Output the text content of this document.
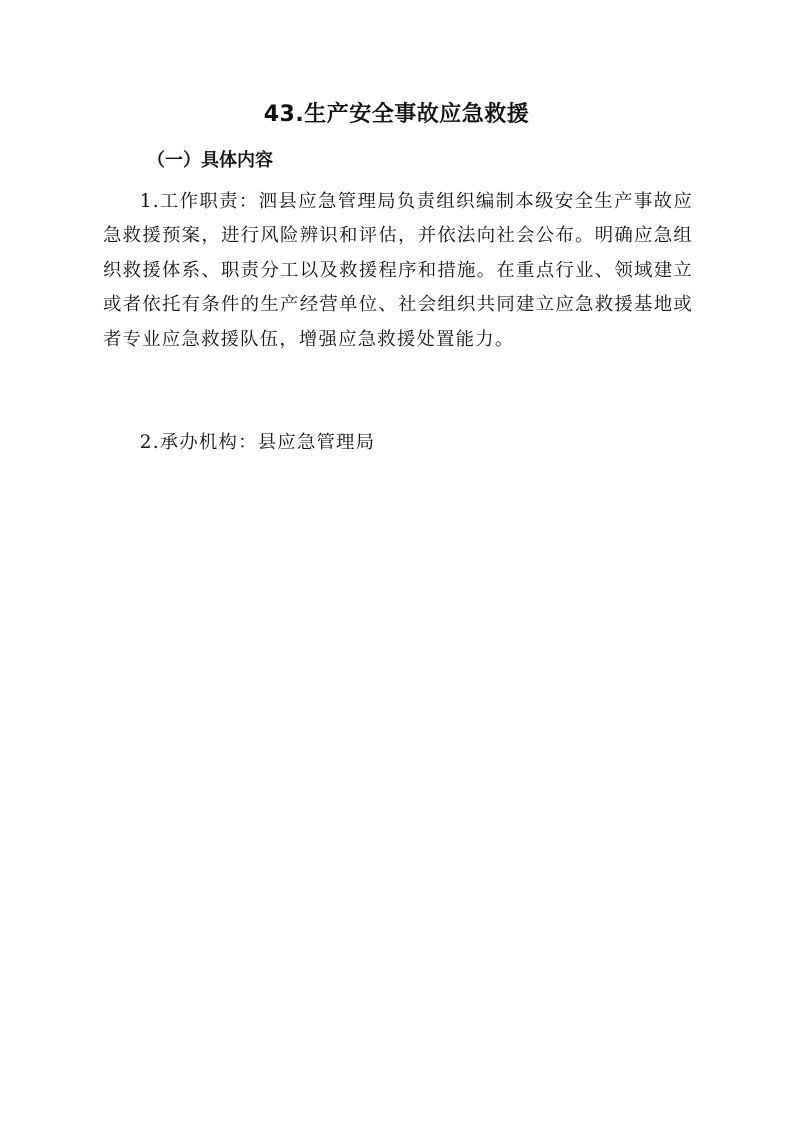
43.生产安全事故应急救援
（一）具体内容

1.工作职责：泗县应急管理局负责组织编制本级安全生产事故应急救援预案，进行风险辨识和评估，并依法向社会公布。明确应急组织救援体系、职责分工以及救援程序和措施。在重点行业、领域建立或者依托有条件的生产经营单位、社会组织共同建立应急救援基地或者专业应急救援队伍，增强应急救援处置能力。

2.承办机构：县应急管理局
